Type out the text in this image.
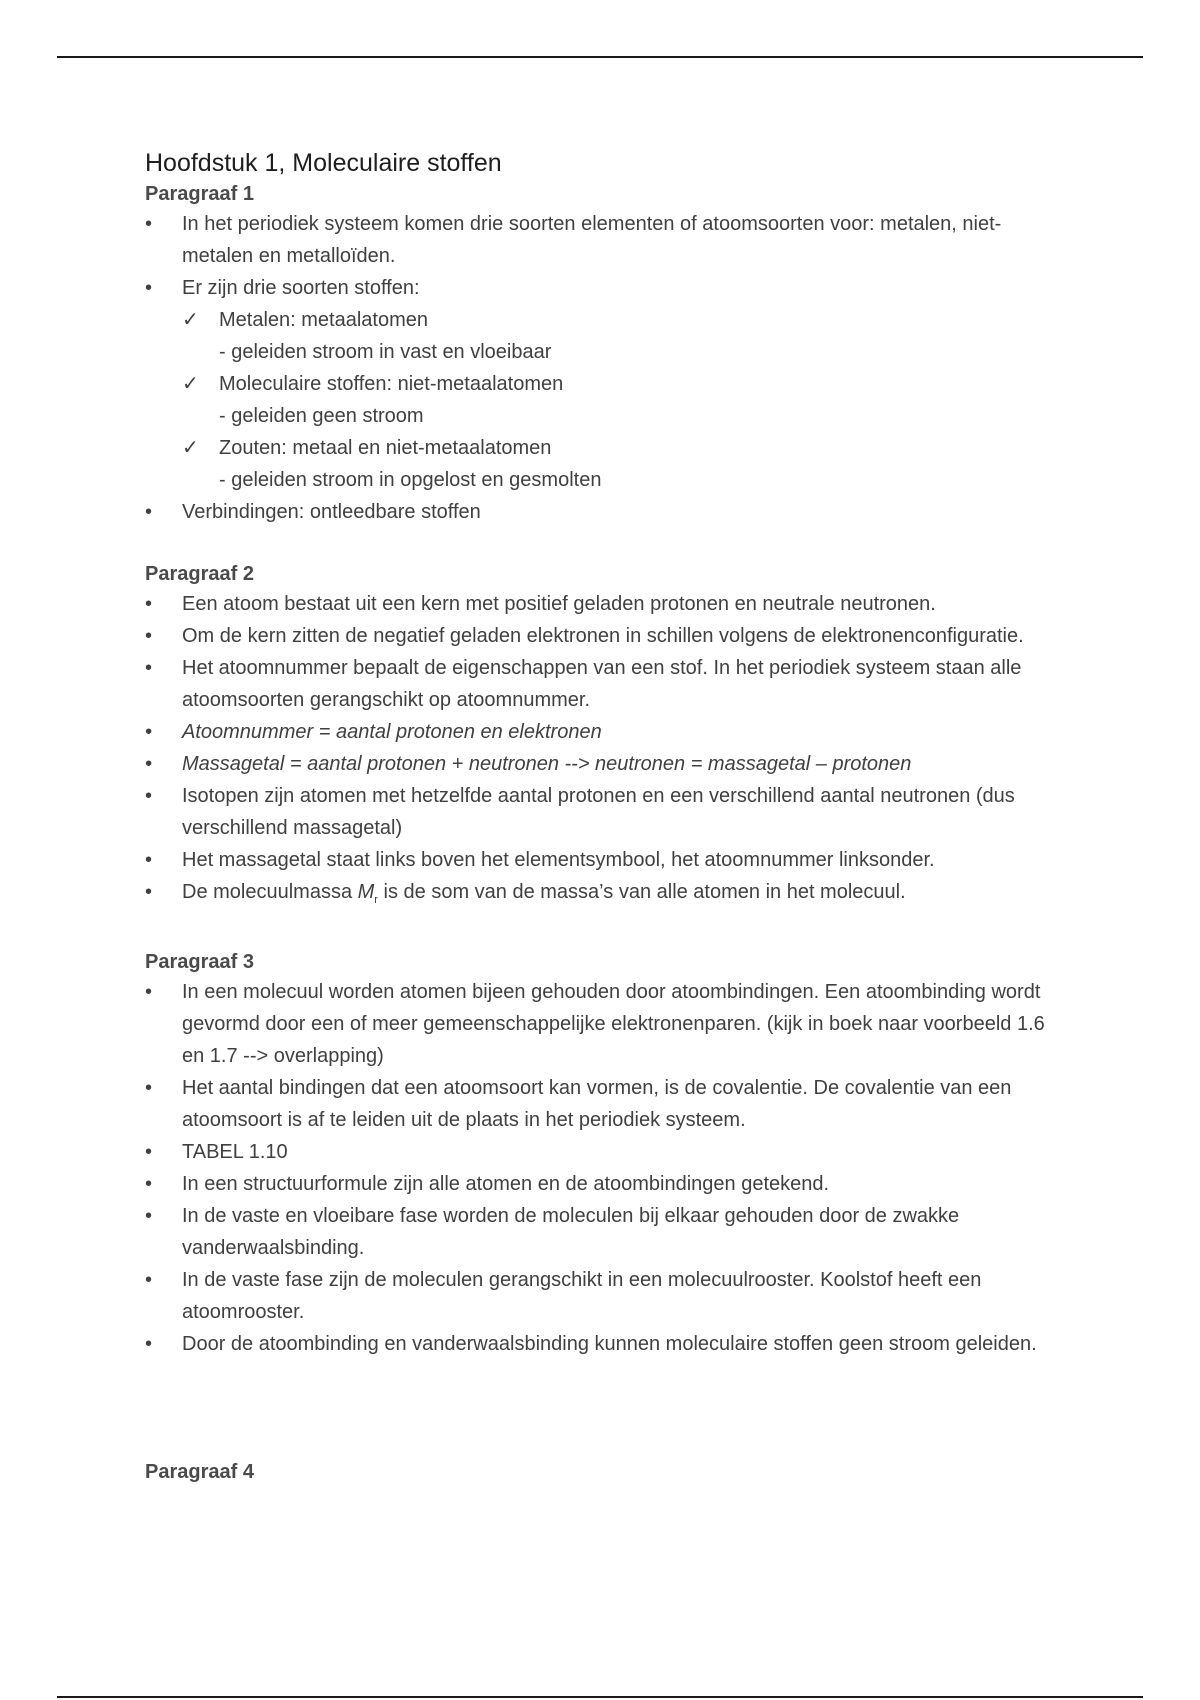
Hoofdstuk 1, Moleculaire stoffen
Paragraaf 1
• In het periodiek systeem komen drie soorten elementen of atoomsoorten voor: metalen, niet-metalen en metalloïden.
• Er zijn drie soorten stoffen:
✓ Metalen: metaalatomen
- geleiden stroom in vast en vloeibaar
✓ Moleculaire stoffen: niet-metaalatomen
- geleiden geen stroom
✓ Zouten: metaal en niet-metaalatomen
- geleiden stroom in opgelost en gesmolten
• Verbindingen: ontleedbare stoffen
Paragraaf 2
• Een atoom bestaat uit een kern met positief geladen protonen en neutrale neutronen.
• Om de kern zitten de negatief geladen elektronen in schillen volgens de elektronenconfiguratie.
• Het atoomnummer bepaalt de eigenschappen van een stof. In het periodiek systeem staan alle atoomsoorten gerangschikt op atoomnummer.
• Atoomnummer = aantal protonen en elektronen
• Massagetal = aantal protonen + neutronen --> neutronen = massagetal – protonen
• Isotopen zijn atomen met hetzelfde aantal protonen en een verschillend aantal neutronen (dus verschillend massagetal)
• Het massagetal staat links boven het elementsymbool, het atoomnummer linksonder.
• De molecuulmassa $M_r$ is de som van de massa’s van alle atomen in het molecuul.
Paragraaf 3
• In een molecuul worden atomen bijeen gehouden door atoombindingen. Een atoombinding wordt gevormd door een of meer gemeenschappelijke elektronenparen. (kijk in boek naar voorbeeld 1.6 en 1.7 --> overlapping)
• Het aantal bindingen dat een atoomsoort kan vormen, is de covalentie. De covalentie van een atoomsoort is af te leiden uit de plaats in het periodiek systeem.
• TABEL 1.10
• In een structuurformule zijn alle atomen en de atoombindingen getekend.
• In de vaste en vloeibare fase worden de moleculen bij elkaar gehouden door de zwakke vanderwaalsbinding.
• In de vaste fase zijn de moleculen gerangschikt in een molecuulrooster. Koolstof heeft een atoomrooster.
• Door de atoombinding en vanderwaalsbinding kunnen moleculaire stoffen geen stroom geleiden.
Paragraaf 4
